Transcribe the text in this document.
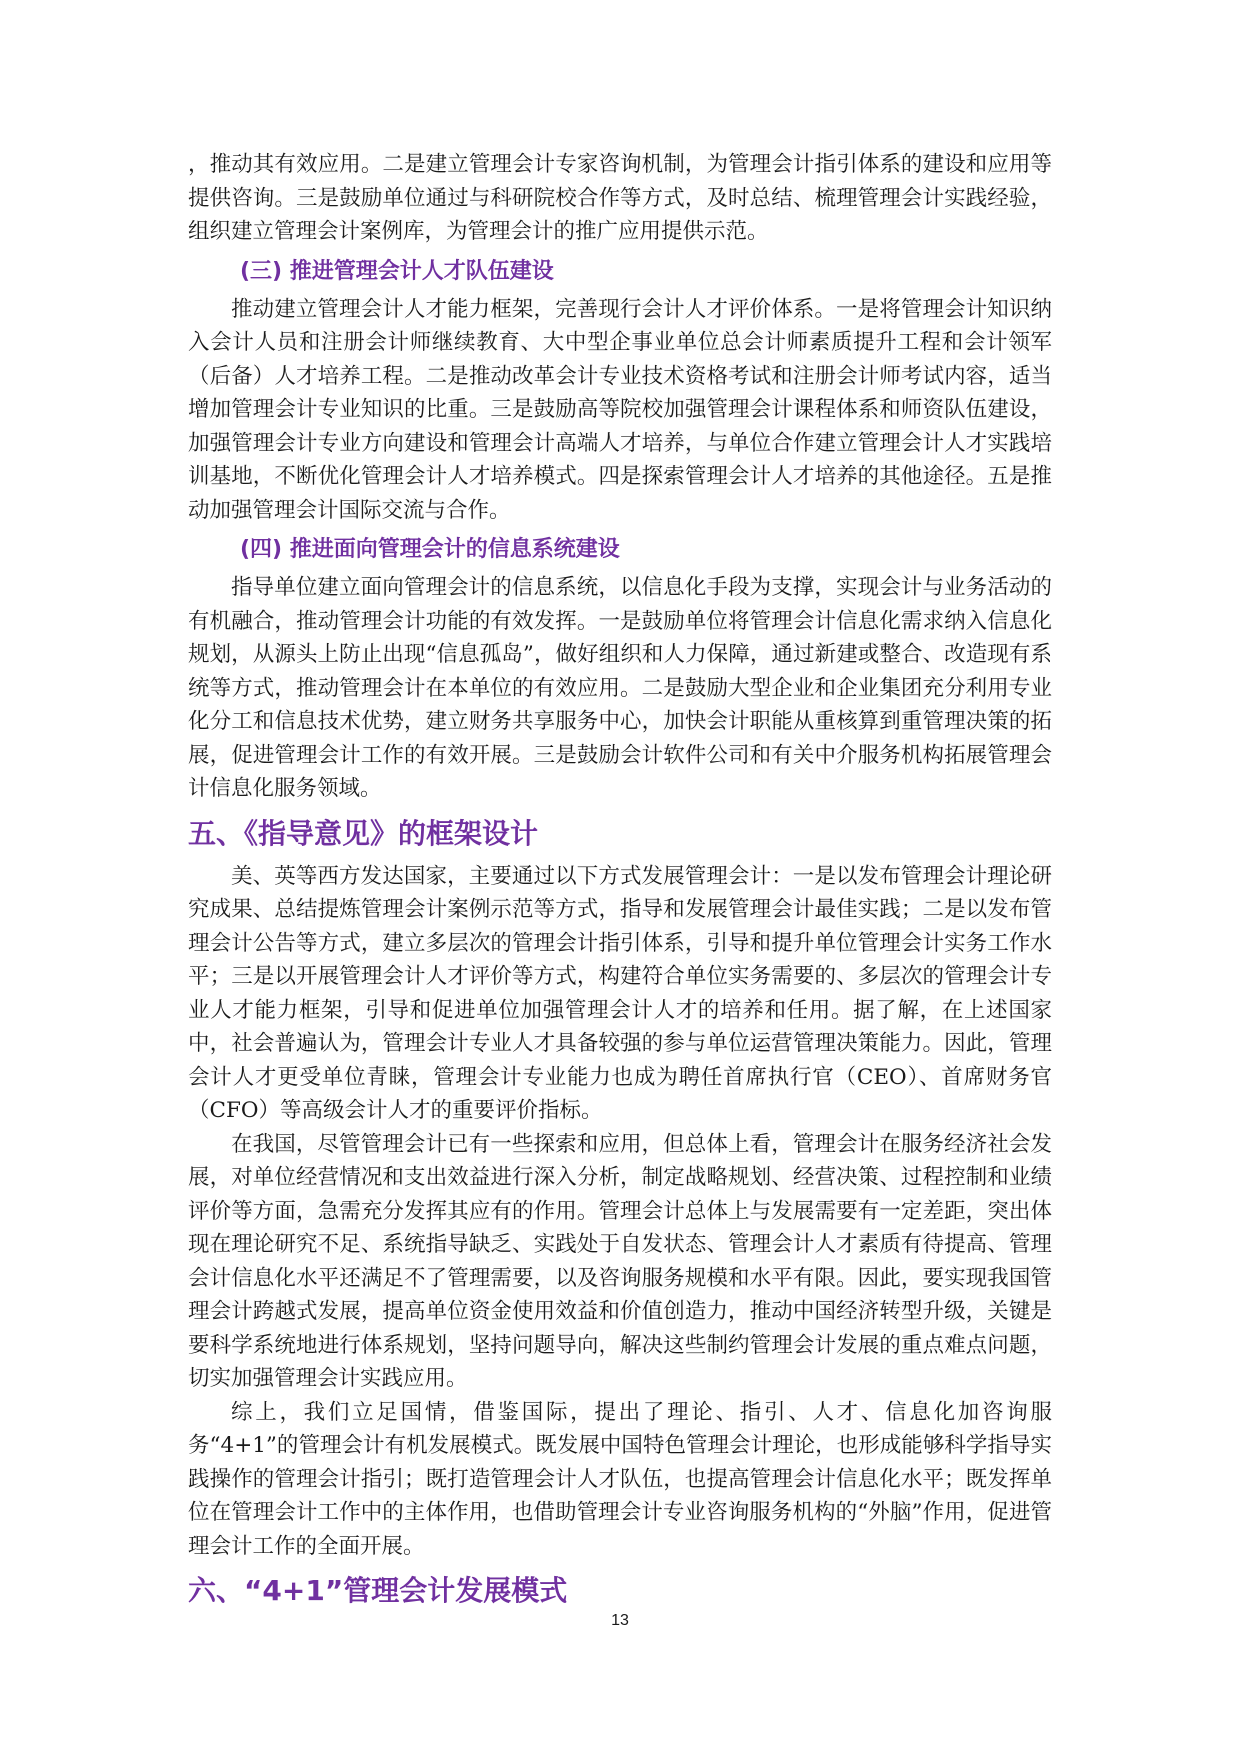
，推动其有效应用。二是建立管理会计专家咨询机制，为管理会计指引体系的建设和应用等提供咨询。三是鼓励单位通过与科研院校合作等方式，及时总结、梳理管理会计实践经验，组织建立管理会计案例库，为管理会计的推广应用提供示范。

(三) 推进管理会计人才队伍建设

推动建立管理会计人才能力框架，完善现行会计人才评价体系。一是将管理会计知识纳入会计人员和注册会计师继续教育、大中型企事业单位总会计师素质提升工程和会计领军（后备）人才培养工程。二是推动改革会计专业技术资格考试和注册会计师考试内容，适当增加管理会计专业知识的比重。三是鼓励高等院校加强管理会计课程体系和师资队伍建设，加强管理会计专业方向建设和管理会计高端人才培养，与单位合作建立管理会计人才实践培训基地，不断优化管理会计人才培养模式。四是探索管理会计人才培养的其他途径。五是推动加强管理会计国际交流与合作。

(四) 推进面向管理会计的信息系统建设

指导单位建立面向管理会计的信息系统，以信息化手段为支撑，实现会计与业务活动的有机融合，推动管理会计功能的有效发挥。一是鼓励单位将管理会计信息化需求纳入信息化规划，从源头上防止出现“信息孤岛”，做好组织和人力保障，通过新建或整合、改造现有系统等方式，推动管理会计在本单位的有效应用。二是鼓励大型企业和企业集团充分利用专业化分工和信息技术优势，建立财务共享服务中心，加快会计职能从重核算到重管理决策的拓展，促进管理会计工作的有效开展。三是鼓励会计软件公司和有关中介服务机构拓展管理会计信息化服务领域。

五、《指导意见》的框架设计

美、英等西方发达国家，主要通过以下方式发展管理会计：一是以发布管理会计理论研究成果、总结提炼管理会计案例示范等方式，指导和发展管理会计最佳实践；二是以发布管理会计公告等方式，建立多层次的管理会计指引体系，引导和提升单位管理会计实务工作水平；三是以开展管理会计人才评价等方式，构建符合单位实务需要的、多层次的管理会计专业人才能力框架，引导和促进单位加强管理会计人才的培养和任用。据了解，在上述国家中，社会普遍认为，管理会计专业人才具备较强的参与单位运营管理决策能力。因此，管理会计人才更受单位青睐，管理会计专业能力也成为聘任首席执行官（CEO）、首席财务官（CFO）等高级会计人才的重要评价指标。

在我国，尽管管理会计已有一些探索和应用，但总体上看，管理会计在服务经济社会发展，对单位经营情况和支出效益进行深入分析，制定战略规划、经营决策、过程控制和业绩评价等方面，急需充分发挥其应有的作用。管理会计总体上与发展需要有一定差距，突出体现在理论研究不足、系统指导缺乏、实践处于自发状态、管理会计人才素质有待提高、管理会计信息化水平还满足不了管理需要，以及咨询服务规模和水平有限。因此，要实现我国管理会计跨越式发展，提高单位资金使用效益和价值创造力，推动中国经济转型升级，关键是要科学系统地进行体系规划，坚持问题导向，解决这些制约管理会计发展的重点难点问题，切实加强管理会计实践应用。

综上，我们立足国情，借鉴国际，提出了理论、指引、人才、信息化加咨询服务“4+1”的管理会计有机发展模式。既发展中国特色管理会计理论，也形成能够科学指导实践操作的管理会计指引；既打造管理会计人才队伍，也提高管理会计信息化水平；既发挥单位在管理会计工作中的主体作用，也借助管理会计专业咨询服务机构的“外脑”作用，促进管理会计工作的全面开展。

六、“4+1”管理会计发展模式
13
